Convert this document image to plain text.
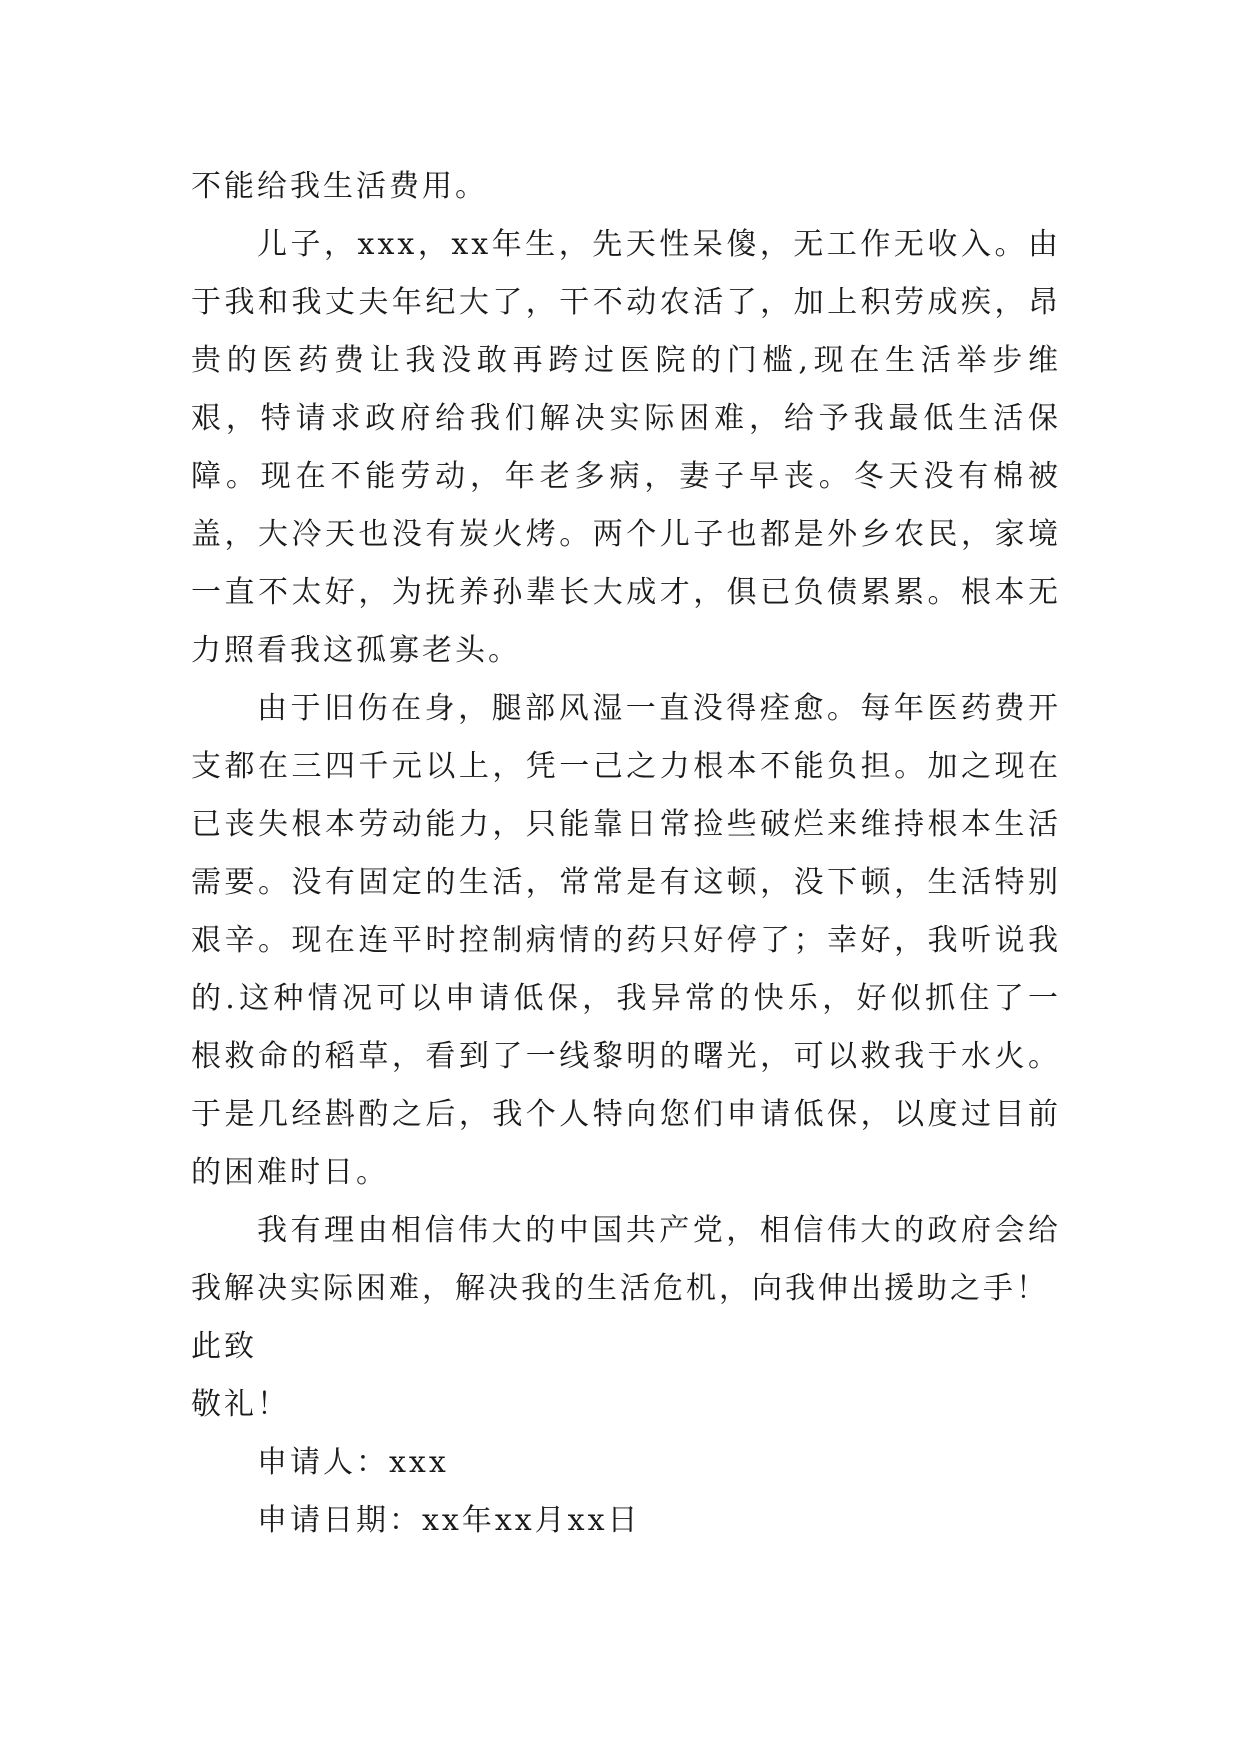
不能给我生活费用。

儿子，xxx，xx年生，先天性呆傻，无工作无收入。由于我和我丈夫年纪大了，干不动农活了，加上积劳成疾，昂贵的医药费让我没敢再跨过医院的门槛,现在生活举步维艰，特请求政府给我们解决实际困难，给予我最低生活保障。现在不能劳动，年老多病，妻子早丧。冬天没有棉被盖，大冷天也没有炭火烤。两个儿子也都是外乡农民，家境一直不太好，为抚养孙辈长大成才，俱已负债累累。根本无力照看我这孤寡老头。

由于旧伤在身，腿部风湿一直没得痊愈。每年医药费开支都在三四千元以上，凭一己之力根本不能负担。加之现在已丧失根本劳动能力，只能靠日常捡些破烂来维持根本生活需要。没有固定的生活，常常是有这顿，没下顿，生活特别艰辛。现在连平时控制病情的药只好停了；幸好，我听说我的.这种情况可以申请低保，我异常的快乐，好似抓住了一根救命的稻草，看到了一线黎明的曙光，可以救我于水火。于是几经斟酌之后，我个人特向您们申请低保，以度过目前的困难时日。

我有理由相信伟大的中国共产党，相信伟大的政府会给我解决实际困难，解决我的生活危机，向我伸出援助之手！

此致

敬礼！

申请人：xxx

申请日期：xx年xx月xx日
